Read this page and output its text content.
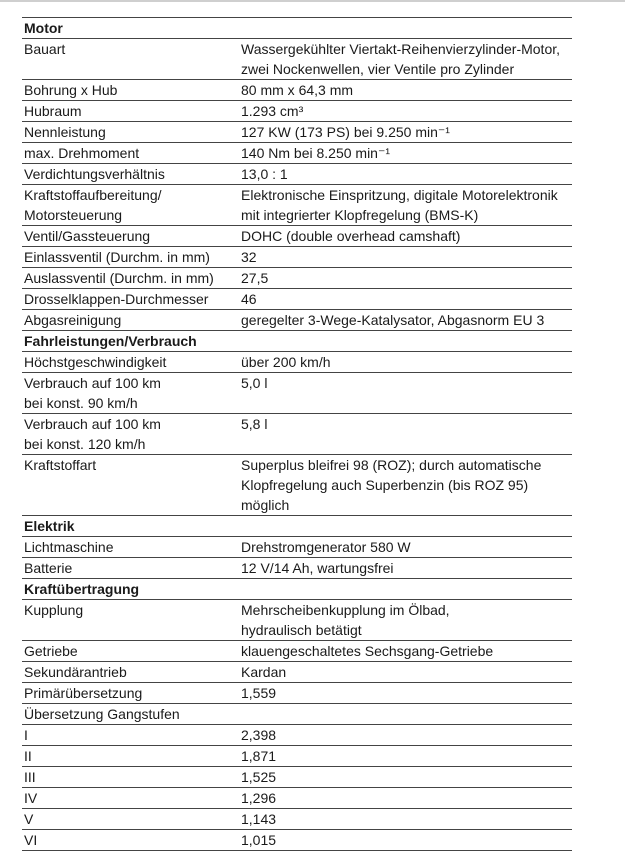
Motor	

Bauart	Wassergekühlter Viertakt-Reihenvierzylinder-Motor,
zwei Nockenwellen, vier Ventile pro Zylinder

Bohrung x Hub	80 mm x 64,3 mm

Hubraum	1.293 cm³

Nennleistung	127 KW (173 PS) bei 9.250 min⁻¹

max. Drehmoment	140 Nm bei 8.250 min⁻¹

Verdichtungsverhältnis	13,0 : 1

Kraftstoffaufbereitung/
Motorsteuerung	Elektronische Einspritzung, digitale Motorelektronik
mit integrierter Klopfregelung (BMS-K)

Ventil/Gassteuerung	DOHC (double overhead camshaft)

Einlassventil (Durchm. in mm)	32

Auslassventil (Durchm. in mm)	27,5

Drosselklappen-Durchmesser	46

Abgasreinigung	geregelter 3-Wege-Katalysator, Abgasnorm EU 3

Fahrleistungen/Verbrauch	

Höchstgeschwindigkeit	über 200 km/h

Verbrauch auf 100 km
bei konst. 90 km/h	5,0 l

Verbrauch auf 100 km
bei konst. 120 km/h	5,8 l

Kraftstoffart	Superplus bleifrei 98 (ROZ); durch automatische
Klopfregelung auch Superbenzin (bis ROZ 95)
möglich

Elektrik	

Lichtmaschine	Drehstromgenerator 580 W

Batterie	12 V/14 Ah, wartungsfrei

Kraftübertragung	

Kupplung	Mehrscheibenkupplung im Ölbad,
hydraulisch betätigt

Getriebe	klauengeschaltetes Sechsgang-Getriebe

Sekundärantrieb	Kardan

Primärübersetzung	1,559

Übersetzung Gangstufen	

I	2,398

II	1,871

III	1,525

IV	1,296

V	1,143

VI	1,015
